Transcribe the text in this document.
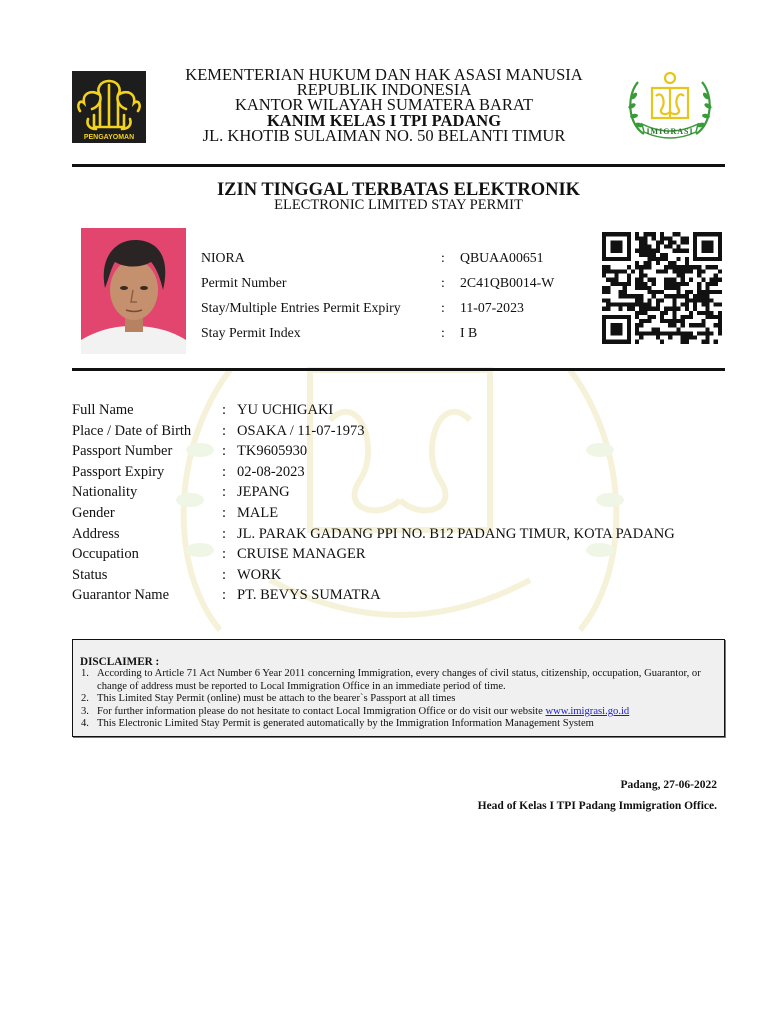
PENGAYOMAN
KEMENTERIAN HUKUM DAN HAK ASASI MANUSIA
REPUBLIK INDONESIA
KANTOR WILAYAH SUMATERA BARAT
KANIM KELAS I TPI PADANG
JL. KHOTIB SULAIMAN NO. 50 BELANTI TIMUR	IMIGRASI
IZIN TINGGAL TERBATAS ELEKTRONIK
ELECTRONIC LIMITED STAY PERMIT
NIORA	: QBUAA00651
Permit Number	: 2C41QB0014-W
Stay/Multiple Entries Permit Expiry	: 11-07-2023
Stay Permit Index	: I B
Full Name	: YU UCHIGAKI
Place / Date of Birth : OSAKA / 11-07-1973
Passport Number	: TK9605930
Passport Expiry	: 02-08-2023
Nationality	: JEPANG
Gender	: MALE
Address	: JL. PARAK GADANG PPI NO. B12 PADANG TIMUR, KOTA PADANG
Occupation	: CRUISE MANAGER
Status	: WORK
Guarantor Name	: PT. BEVYS SUMATRA
DISCLAIMER :
1. According to Article 71 Act Number 6 Year 2011 concerning Immigration, every changes of civil status, citizenship, occupation, Guarantor, or change of address must be reported to Local Immigration Office in an immediate period of time.
2. This Limited Stay Permit (online) must be attach to the bearer`s Passport at all times
3. For further information please do not hesitate to contact Local Immigration Office or do visit our website www.imigrasi.go.id
4. This Electronic Limited Stay Permit is generated automatically by the Immigration Information Management System
Padang, 27-06-2022
Head of Kelas I TPI Padang Immigration Office.
